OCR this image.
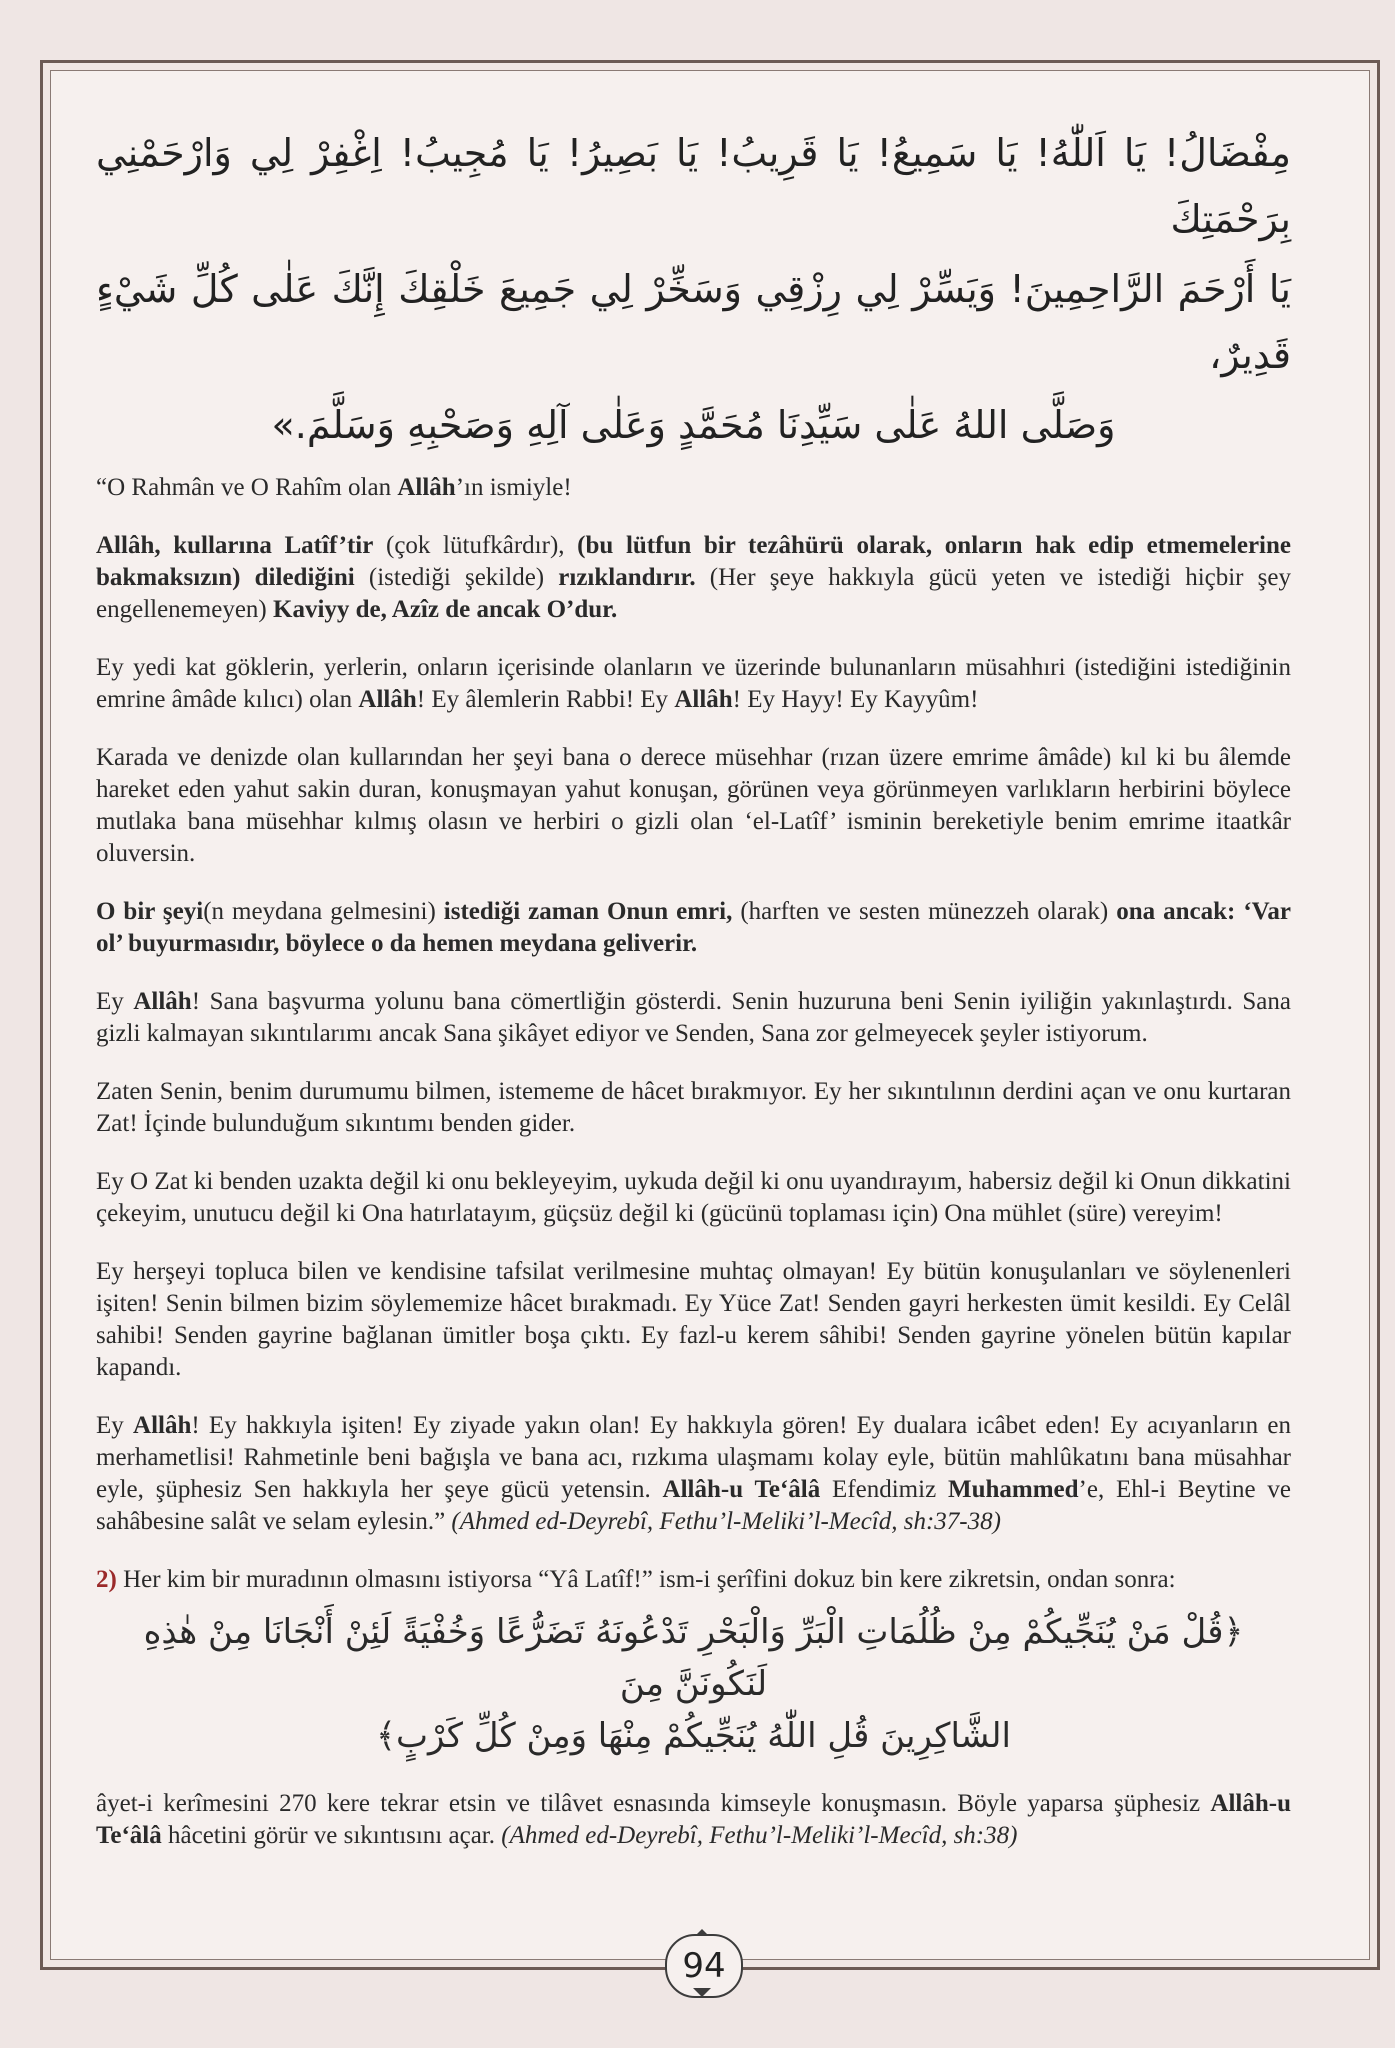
مِفْضَالُ! يَا اَللّٰهُ! يَا سَمِيعُ! يَا قَرِيبُ! يَا بَصِيرُ! يَا مُجِيبُ! اِغْفِرْ لِي وَارْحَمْنِي بِرَحْمَتِكَ
يَا أَرْحَمَ الرَّاحِمِينَ! وَيَسِّرْ لِي رِزْقِي وَسَخِّرْ لِي جَمِيعَ خَلْقِكَ إِنَّكَ عَلٰى كُلِّ شَيْءٍ قَدِيرٌ،
وَصَلَّى اللهُ عَلٰى سَيِّدِنَا مُحَمَّدٍ وَعَلٰى آلِهِ وَصَحْبِهِ وَسَلَّمَ.»

“O Rahmân ve O Rahîm olan Allâh’ın ismiyle!

Allâh, kullarına Latîf’tir (çok lütufkârdır), (bu lütfun bir tezâhürü olarak, onların hak edip etmemelerine bakmaksızın) dilediğini (istediği şekilde) rızıklandırır. (Her şeye hakkıyla gücü yeten ve istediği hiçbir şey engellenemeyen) Kaviyy de, Azîz de ancak O’dur.

Ey yedi kat göklerin, yerlerin, onların içerisinde olanların ve üzerinde bulunanların müsahhıri (istediğini istediğinin emrine âmâde kılıcı) olan Allâh! Ey âlemlerin Rabbi! Ey Allâh! Ey Hayy! Ey Kayyûm!

Karada ve denizde olan kullarından her şeyi bana o derece müsehhar (rızan üzere emrime âmâde) kıl ki bu âlemde hareket eden yahut sakin duran, konuşmayan yahut konuşan, görünen veya görünmeyen varlıkların herbirini böylece mutlaka bana müsehhar kılmış olasın ve herbiri o gizli olan ‘el-Latîf’ isminin bereketiyle benim emrime itaatkâr oluversin.

O bir şeyi(n meydana gelmesini) istediği zaman Onun emri, (harften ve sesten münezzeh olarak) ona ancak: ‘Var ol’ buyurmasıdır, böylece o da hemen meydana geliverir.

Ey Allâh! Sana başvurma yolunu bana cömertliğin gösterdi. Senin huzuruna beni Senin iyiliğin yakınlaştırdı. Sana gizli kalmayan sıkıntılarımı ancak Sana şikâyet ediyor ve Senden, Sana zor gelmeyecek şeyler istiyorum.

Zaten Senin, benim durumumu bilmen, istememe de hâcet bırakmıyor. Ey her sıkıntılının derdini açan ve onu kurtaran Zat! İçinde bulunduğum sıkıntımı benden gider.

Ey O Zat ki benden uzakta değil ki onu bekleyeyim, uykuda değil ki onu uyandırayım, habersiz değil ki Onun dikkatini çekeyim, unutucu değil ki Ona hatırlatayım, güçsüz değil ki (gücünü toplaması için) Ona mühlet (süre) vereyim!

Ey herşeyi topluca bilen ve kendisine tafsilat verilmesine muhtaç olmayan! Ey bütün konuşulanları ve söylenenleri işiten! Senin bilmen bizim söylememize hâcet bırakmadı. Ey Yüce Zat! Senden gayri herkesten ümit kesildi. Ey Celâl sahibi! Senden gayrine bağlanan ümitler boşa çıktı. Ey fazl-u kerem sâhibi! Senden gayrine yönelen bütün kapılar kapandı.

Ey Allâh! Ey hakkıyla işiten! Ey ziyade yakın olan! Ey hakkıyla gören! Ey dualara icâbet eden! Ey acıyanların en merhametlisi! Rahmetinle beni bağışla ve bana acı, rızkıma ulaşmamı kolay eyle, bütün mahlûkatını bana müsahhar eyle, şüphesiz Sen hakkıyla her şeye gücü yetensin. Allâh-u Te‘âlâ Efendimiz Muhammed’e, Ehl-i Beytine ve sahâbesine salât ve selam eylesin.” (Ahmed ed-Deyrebî, Fethu’l-Meliki’l-Mecîd, sh:37-38)

2) Her kim bir muradının olmasını istiyorsa “Yâ Latîf!” ism-i şerîfini dokuz bin kere zikretsin, ondan sonra:

﴿قُلْ مَنْ يُنَجِّيكُمْ مِنْ ظُلُمَاتِ الْبَرِّ وَالْبَحْرِ تَدْعُونَهُ تَضَرُّعًا وَخُفْيَةً لَئِنْ أَنْجَانَا مِنْ هٰذِهِ لَنَكُونَنَّ مِنَ
الشَّاكِرِينَ قُلِ اللّٰهُ يُنَجِّيكُمْ مِنْهَا وَمِنْ كُلِّ كَرْبٍ﴾

âyet-i kerîmesini 270 kere tekrar etsin ve tilâvet esnasında kimseyle konuşmasın. Böyle yaparsa şüphesiz Allâh-u Te‘âlâ hâcetini görür ve sıkıntısını açar. (Ahmed ed-Deyrebî, Fethu’l-Meliki’l-Mecîd, sh:38)

94
